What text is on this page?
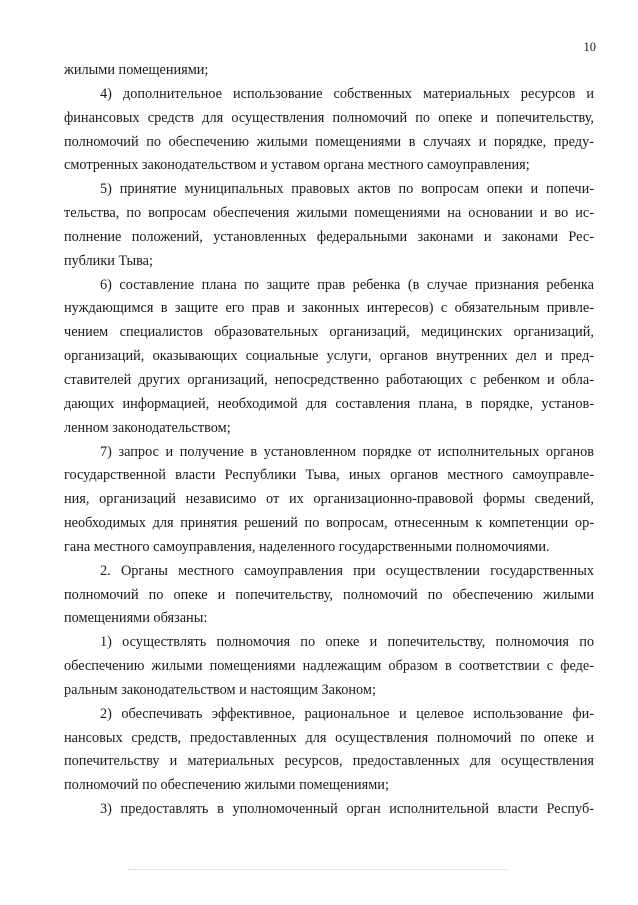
10
жилыми помещениями;
4) дополнительное использование собственных материальных ресурсов и
финансовых средств для осуществления полномочий по опеке и попечительству,
полномочий по обеспечению жилыми помещениями в случаях и порядке, преду-
смотренных законодательством и уставом органа местного самоуправления;
5) принятие муниципальных правовых актов по вопросам опеки и попечи-
тельства, по вопросам обеспечения жилыми помещениями на основании и во ис-
полнение положений, установленных федеральными законами и законами Рес-
публики Тыва;
6) составление плана по защите прав ребенка (в случае признания ребенка
нуждающимся в защите его прав и законных интересов) с обязательным привле-
чением специалистов образовательных организаций, медицинских организаций,
организаций, оказывающих социальные услуги, органов внутренних дел и пред-
ставителей других организаций, непосредственно работающих с ребенком и обла-
дающих информацией, необходимой для составления плана, в порядке, установ-
ленном законодательством;
7) запрос и получение в установленном порядке от исполнительных органов
государственной власти Республики Тыва, иных органов местного самоуправле-
ния, организаций независимо от их организационно-правовой формы сведений,
необходимых для принятия решений по вопросам, отнесенным к компетенции ор-
гана местного самоуправления, наделенного государственными полномочиями.
2. Органы местного самоуправления при осуществлении государственных
полномочий по опеке и попечительству, полномочий по обеспечению жилыми
помещениями обязаны:
1) осуществлять полномочия по опеке и попечительству, полномочия по
обеспечению жилыми помещениями надлежащим образом в соответствии с феде-
ральным законодательством и настоящим Законом;
2) обеспечивать эффективное, рациональное и целевое использование фи-
нансовых средств, предоставленных для осуществления полномочий по опеке и
попечительству и материальных ресурсов, предоставленных для осуществления
полномочий по обеспечению жилыми помещениями;
3) предоставлять в уполномоченный орган исполнительной власти Респуб-
